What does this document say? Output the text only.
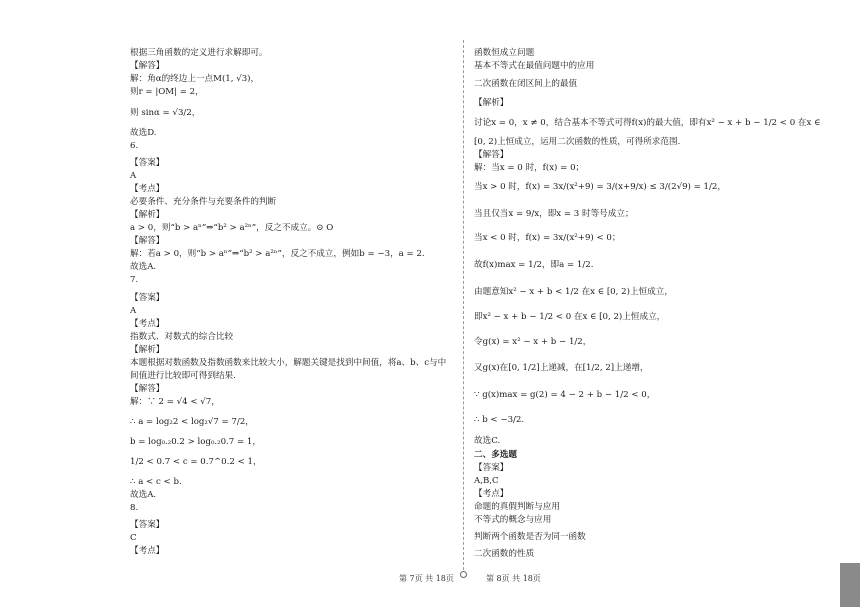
根据三角函数的定义进行求解即可。
【解答】
解：角α的终边上一点M(1, √3)，
则r = |OM| = 2，
则 sinα = √3/2，
故选D.
6.
【答案】
A
【考点】
必要条件、充分条件与充要条件的判断
【解析】
a > 0，则“b > aⁿ”⇒“b² > a²ⁿ”，反之不成立。⊙ O
【解答】
解：若a > 0，则“b > aⁿ”⇒“b² > a²ⁿ”，反之不成立，例如b = −3，a = 2.
故选A.
7.
【答案】
A
【考点】
指数式、对数式的综合比较
【解析】
本题根据对数函数及指数函数来比较大小，解题关键是找到中间值，将a、b、c与中
间值进行比较即可得到结果.
【解答】
解：∵ 2 = √4 < √7，
∴ a = log₂2 < log₂√7 = 7/2，
b = log₀.₂0.2 > log₀.₂0.7 = 1，
1/2 < 0.7 < c = 0.7^0.2 < 1，
∴ a < c < b.
故选A.
8.
【答案】
C
【考点】
函数恒成立问题
基本不等式在最值问题中的应用
二次函数在闭区间上的最值
【解析】
讨论x = 0，x ≠ 0，结合基本不等式可得f(x)的最大值，即有x² − x + b − 1/2 < 0 在x ∈
[0, 2)上恒成立，运用二次函数的性质，可得所求范围.
【解答】
解：当x = 0 时，f(x) = 0；
当x > 0 时，f(x) = 3x/(x²+9) = 3/(x+9/x) ≤ 3/(2√9) = 1/2，
当且仅当x = 9/x，即x = 3 时等号成立；
当x < 0 时，f(x) = 3x/(x²+9) < 0；
故f(x)max = 1/2，即a = 1/2.
由题意知x² − x + b < 1/2 在x ∈ [0, 2)上恒成立，
即x² − x + b − 1/2 < 0 在x ∈ [0, 2)上恒成立，
令g(x) = x² − x + b − 1/2，
又g(x)在[0, 1/2]上递减，在[1/2, 2]上递增，
∵ g(x)max = g(2) = 4 − 2 + b − 1/2 < 0，
∴ b < −3/2.
故选C.
二、多选题
【答案】
A,B,C
【考点】
命题的真假判断与应用
不等式的概念与应用
判断两个函数是否为同一函数
二次函数的性质
第 7页 共 18页	第 8页 共 18页
